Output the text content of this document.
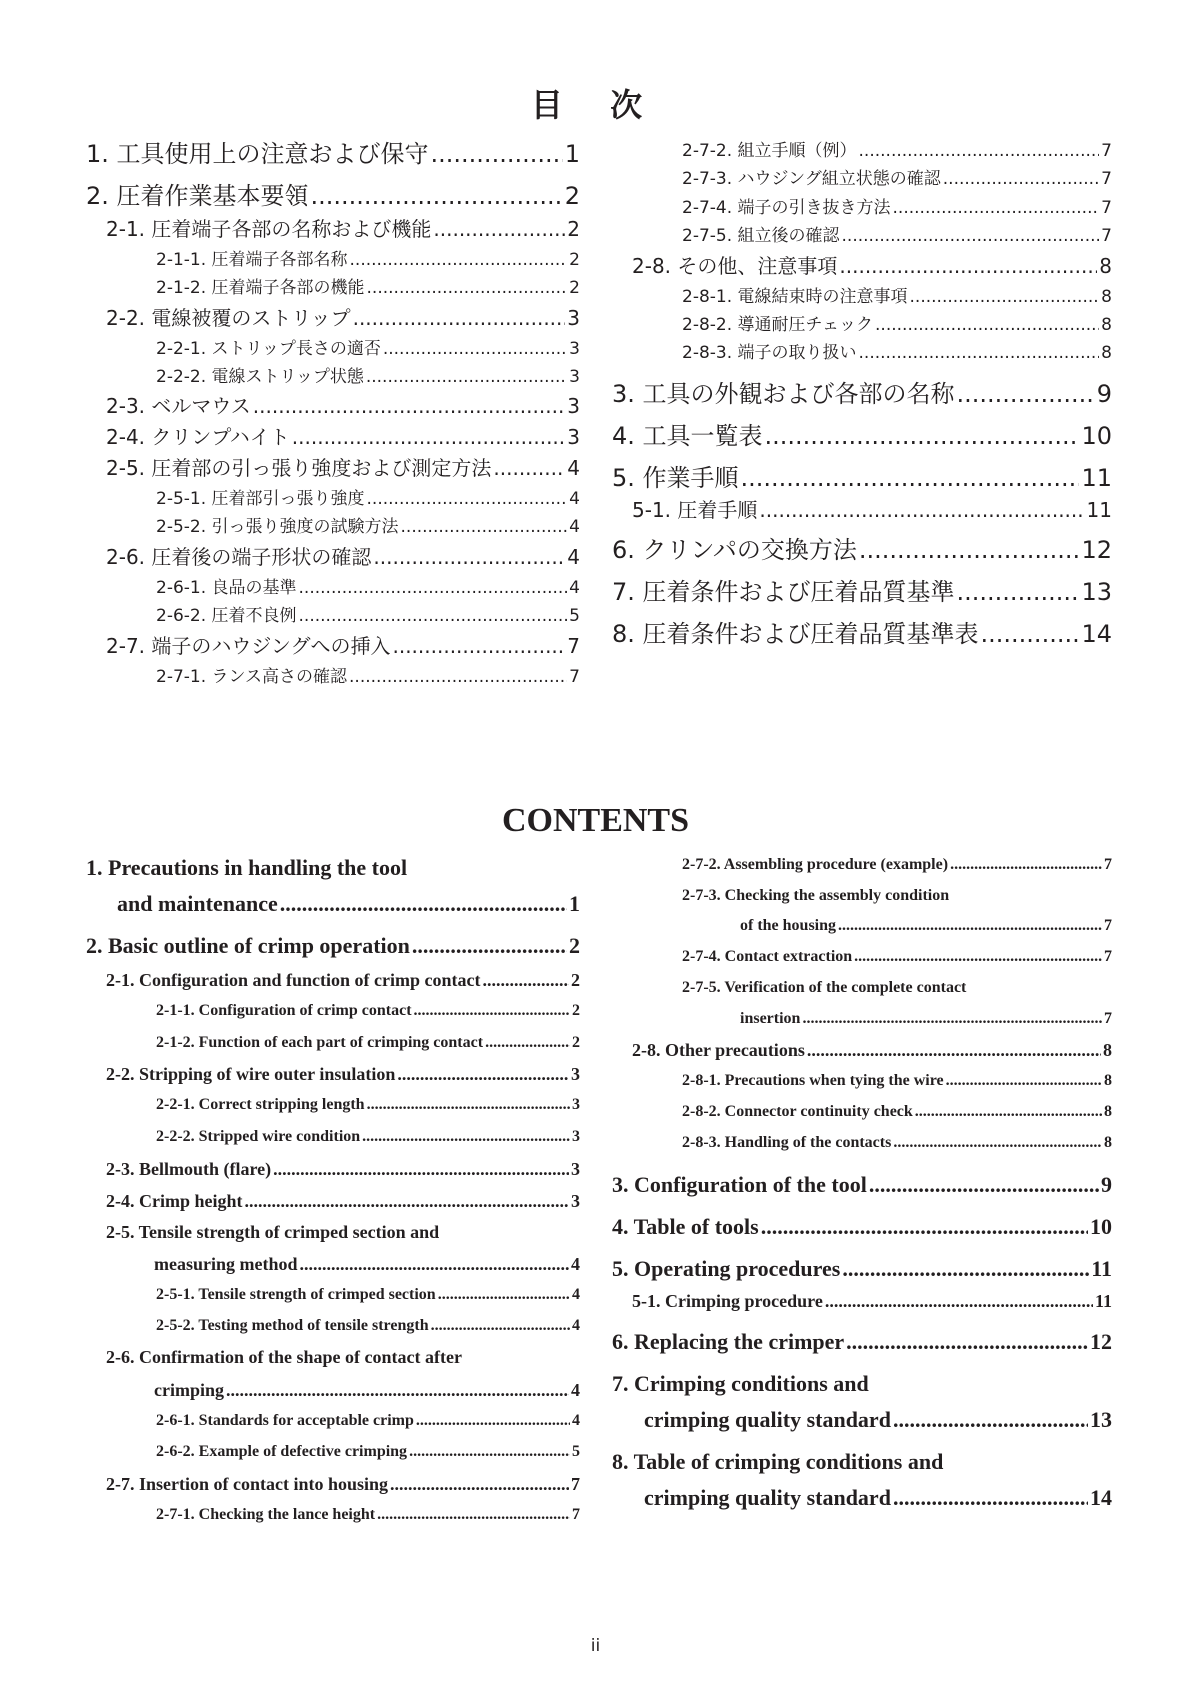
目 次
1. 工具使用上の注意および保守 .....	1
2. 圧着作業基本要領 .....	2
2-1. 圧着端子各部の名称および機能 .....	2
2-1-1. 圧着端子各部名称 .....	2
2-1-2. 圧着端子各部の機能 .....	2
2-2. 電線被覆のストリップ .....	3
2-2-1. ストリップ長さの適否 .....	3
2-2-2. 電線ストリップ状態 .....	3
2-3. ベルマウス .....	3
2-4. クリンプハイト .....	3
2-5. 圧着部の引っ張り強度および測定方法 .....	4
2-5-1. 圧着部引っ張り強度 .....	4
2-5-2. 引っ張り強度の試験方法 .....	4
2-6. 圧着後の端子形状の確認 .....	4
2-6-1. 良品の基準 .....	4
2-6-2. 圧着不良例 .....	5
2-7. 端子のハウジングへの挿入 .....	7
2-7-1. ランス高さの確認 .....	7
2-7-2. 組立手順（例） .....	7
2-7-3. ハウジング組立状態の確認 .....	7
2-7-4. 端子の引き抜き方法 .....	7
2-7-5. 組立後の確認 .....	7
2-8. その他、注意事項 .....	8
2-8-1. 電線結束時の注意事項 .....	8
2-8-2. 導通耐圧チェック .....	8
2-8-3. 端子の取り扱い .....	8
3. 工具の外観および各部の名称 .....	9
4. 工具一覧表 .....	10
5. 作業手順 .....	11
5-1. 圧着手順 .....	11
6. クリンパの交換方法 .....	12
7. 圧着条件および圧着品質基準 .....	13
8. 圧着条件および圧着品質基準表 .....	14
CONTENTS
1. Precautions in handling the tool
and maintenance .....	1
2. Basic outline of crimp operation .....	2
2-1. Configuration and function of crimp contact .....	2
2-1-1. Configuration of crimp contact .....	2
2-1-2. Function of each part of crimping contact .....	2
2-2. Stripping of wire outer insulation .....	3
2-2-1. Correct stripping length .....	3
2-2-2. Stripped wire condition .....	3
2-3. Bellmouth (flare) .....	3
2-4. Crimp height .....	3
2-5. Tensile strength of crimped section and
measuring method .....	4
2-5-1. Tensile strength of crimped section .....	4
2-5-2. Testing method of tensile strength .....	4
2-6. Confirmation of the shape of contact after
crimping .....	4
2-6-1. Standards for acceptable crimp .....	4
2-6-2. Example of defective crimping .....	5
2-7. Insertion of contact into housing .....	7
2-7-1. Checking the lance height .....	7
2-7-2. Assembling procedure (example) .....	7
2-7-3. Checking the assembly condition
of the housing .....	7
2-7-4. Contact extraction .....	7
2-7-5. Verification of the complete contact
insertion .....	7
2-8. Other precautions .....	8
2-8-1. Precautions when tying the wire .....	8
2-8-2. Connector continuity check .....	8
2-8-3. Handling of the contacts .....	8
3. Configuration of the tool .....	9
4. Table of tools .....	10
5. Operating procedures .....	11
5-1. Crimping procedure .....	11
6. Replacing the crimper .....	12
7. Crimping conditions and
crimping quality standard .....	13
8. Table of crimping conditions and
crimping quality standard .....	14
ii
